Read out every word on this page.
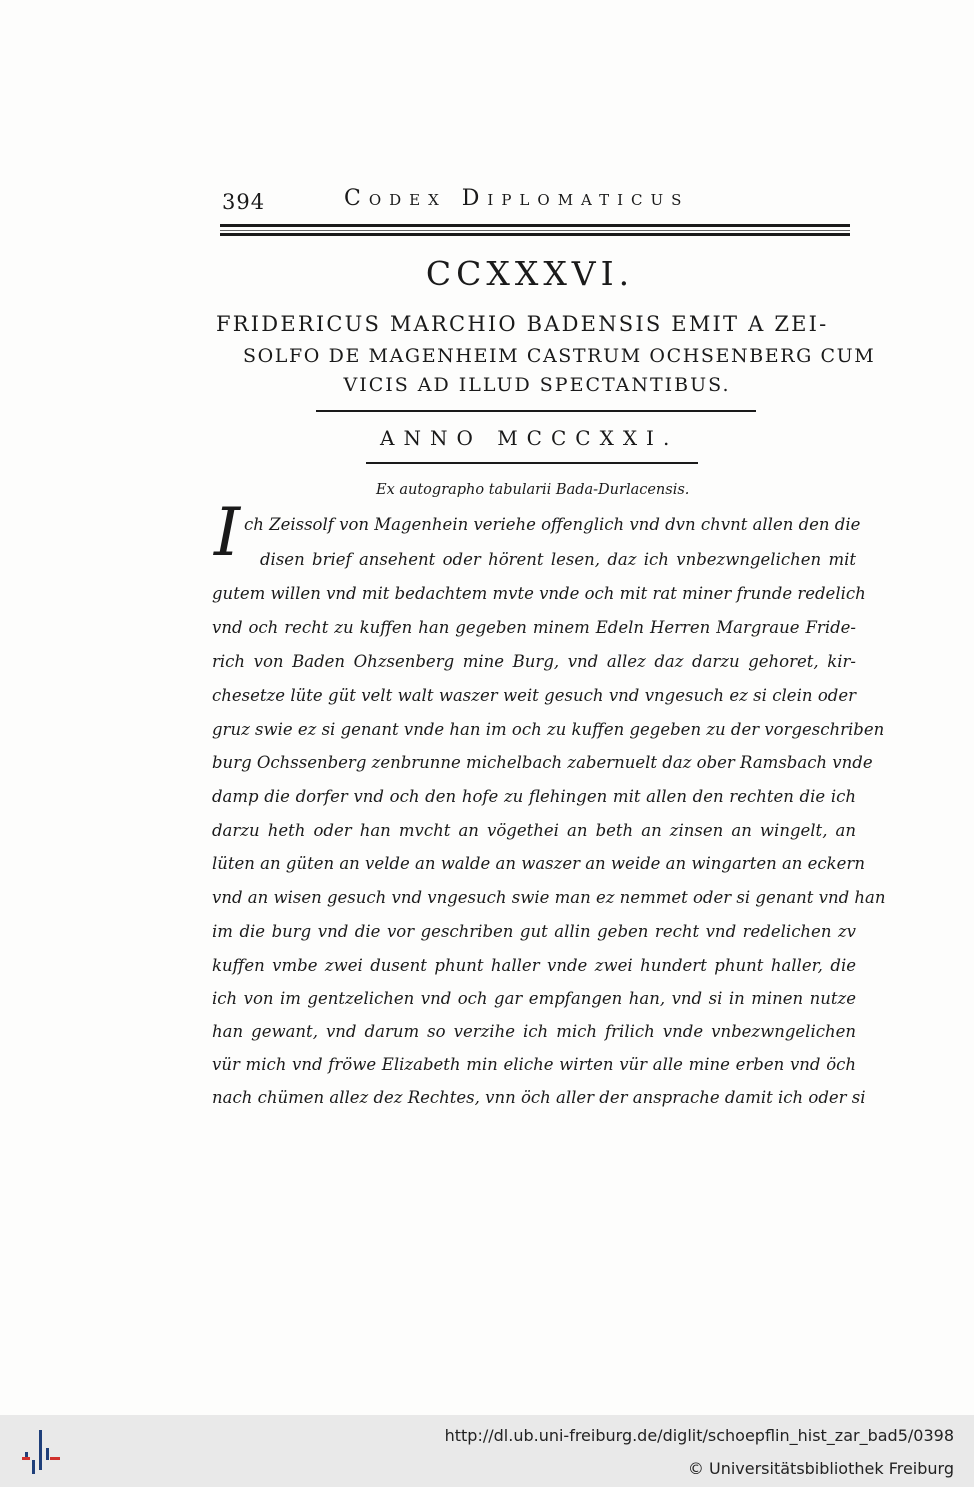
394	Codex Diplomaticus
CCXXXVI.
FRIDERICUS MARCHIO BADENSIS EMIT A ZEI-
SOLFO DE MAGENHEIM CASTRUM OCHSENBERG CUM
VICIS AD ILLUD SPECTANTIBUS.
ANNO MCCCXXI.
Ex autographo tabularii Bada-Durlacensis.
I ch Zeissolf von Magenhein veriehe offenglich vnd dvn chvnt allen den die
disen brief ansehent oder hörent lesen, daz ich vnbezwngelichen mit
gutem willen vnd mit bedachtem mvte vnde och mit rat miner frunde redelich
vnd och recht zu kuffen han gegeben minem Edeln Herren Margraue Fride-
rich von Baden Ohzsenberg mine Burg, vnd allez daz darzu gehoret, kir-
chesetze lüte güt velt walt waszer weit gesuch vnd vngesuch ez si clein oder
gruz swie ez si genant vnde han im och zu kuffen gegeben zu der vorgeschriben
burg Ochssenberg zenbrunne michelbach zabernuelt daz ober Ramsbach vnde
damp die dorfer vnd och den hofe zu flehingen mit allen den rechten die ich
darzu heth oder han mvcht an vögethei an beth an zinsen an wingelt, an
lüten an güten an velde an walde an waszer an weide an wingarten an eckern
vnd an wisen gesuch vnd vngesuch swie man ez nemmet oder si genant vnd han
im die burg vnd die vor geschriben gut allin geben recht vnd redelichen zv
kuffen vmbe zwei dusent phunt haller vnde zwei hundert phunt haller, die
ich von im gentzelichen vnd och gar empfangen han, vnd si in minen nutze
han gewant, vnd darum so verzihe ich mich frilich vnde vnbezwngelichen
vür mich vnd fröwe Elizabeth min eliche wirten vür alle mine erben vnd öch
nach chümen allez dez Rechtes, vnn öch aller der ansprache damit ich oder si
http://dl.ub.uni-freiburg.de/diglit/schoepflin_hist_zar_bad5/0398
© Universitätsbibliothek Freiburg
